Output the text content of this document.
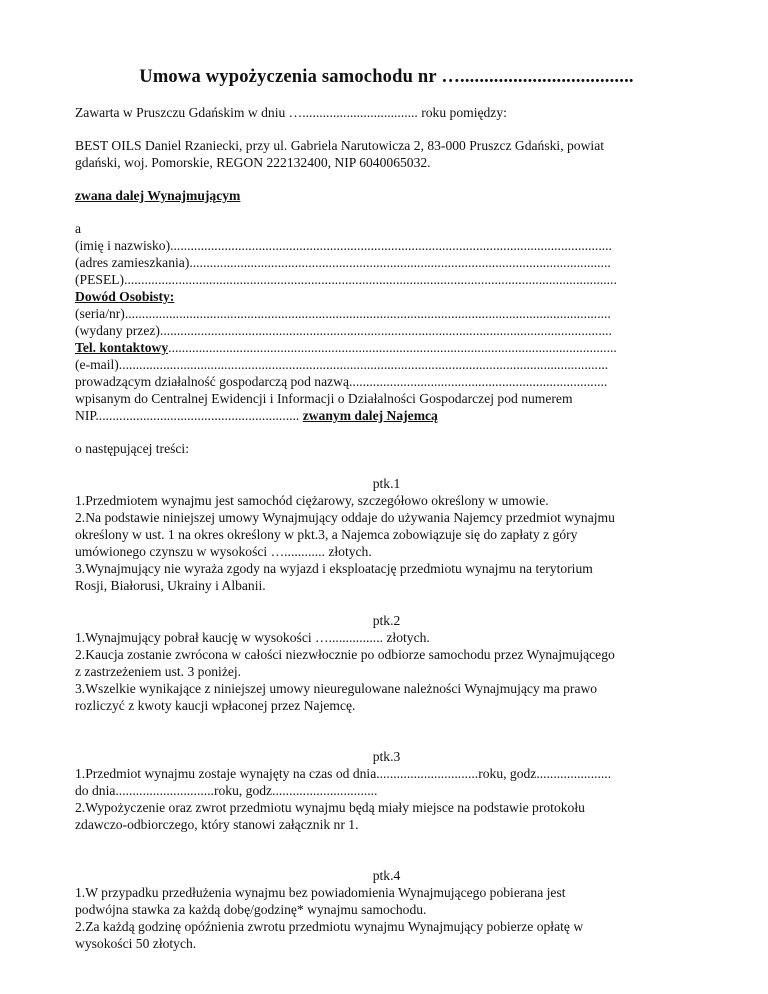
Umowa wypożyczenia samochodu nr …....................................

Zawarta w Pruszczu Gdańskim w dniu ….................................. roku pomiędzy:

BEST OILS Daniel Rzaniecki, przy ul. Gabriela Narutowicza 2, 83-000 Pruszcz Gdański, powiat

gdański, woj. Pomorskie, REGON 222132400, NIP 6040065032.

zwana dalej Wynajmującym

a

(imię i nazwisko)..................................................................................................................................

(adres zamieszkania)............................................................................................................................

(PESEL).................................................................................................................................................

Dowód Osobisty:

(seria/nr)...............................................................................................................................................

(wydany przez).....................................................................................................................................

Tel. kontaktowy....................................................................................................................................

(e-mail)................................................................................................................................................

prowadzącym działalność gospodarczą pod nazwą............................................................................

wpisanym do Centralnej Ewidencji i Informacji o Działalności Gospodarczej pod numerem

NIP............................................................ zwanym dalej Najemcą

o następującej treści:

ptk.1

1.Przedmiotem wynajmu jest samochód ciężarowy, szczegółowo określony w umowie.

2.Na podstawie niniejszej umowy Wynajmujący oddaje do używania Najemcy przedmiot wynajmu

określony w ust. 1 na okres określony w pkt.3, a Najemca zobowiązuje się do zapłaty z góry

umówionego czynszu w wysokości …............ złotych.

3.Wynajmujący nie wyraża zgody na wyjazd i eksploatację przedmiotu wynajmu na terytorium

Rosji, Białorusi, Ukrainy i Albanii.

ptk.2

1.Wynajmujący pobrał kaucję w wysokości …................ złotych.

2.Kaucja zostanie zwrócona w całości niezwłocznie po odbiorze samochodu przez Wynajmującego

z zastrzeżeniem ust. 3 poniżej.

3.Wszelkie wynikające z niniejszej umowy nieuregulowane należności Wynajmujący ma prawo

rozliczyć z kwoty kaucji wpłaconej przez Najemcę.

ptk.3

1.Przedmiot wynajmu zostaje wynajęty na czas od dnia..............................roku, godz......................

do dnia.............................roku, godz...............................

2.Wypożyczenie oraz zwrot przedmiotu wynajmu będą miały miejsce na podstawie protokołu

zdawczo-odbiorczego, który stanowi załącznik nr 1.

ptk.4

1.W przypadku przedłużenia wynajmu bez powiadomienia Wynajmującego pobierana jest

podwójna stawka za każdą dobę/godzinę* wynajmu samochodu.

2.Za każdą godzinę opóźnienia zwrotu przedmiotu wynajmu Wynajmujący pobierze opłatę w

wysokości 50 złotych.
